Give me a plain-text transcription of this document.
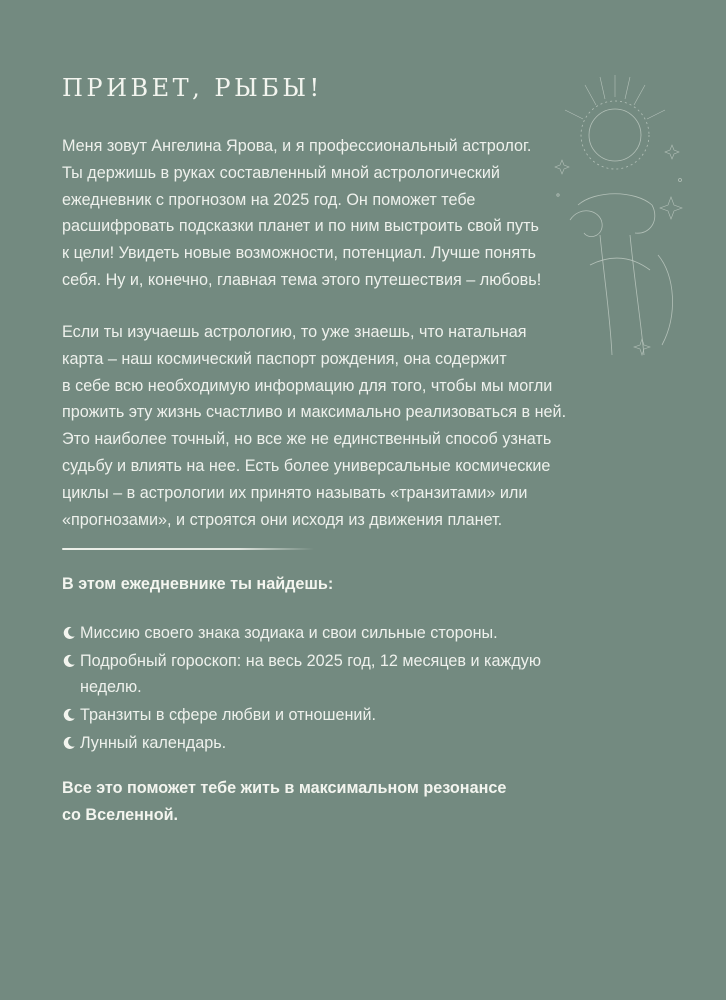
ПРИВЕТ, РЫБЫ!
Меня зовут Ангелина Ярова, и я профессиональный астролог.
Ты держишь в руках составленный мной астрологический
ежедневник с прогнозом на 2025 год. Он поможет тебе
расшифровать подсказки планет и по ним выстроить свой путь
к цели! Увидеть новые возможности, потенциал. Лучше понять
себя. Ну и, конечно, главная тема этого путешествия – любовь!
Если ты изучаешь астрологию, то уже знаешь, что натальная
карта – наш космический паспорт рождения, она содержит
в себе всю необходимую информацию для того, чтобы мы могли
прожить эту жизнь счастливо и максимально реализоваться в ней.
Это наиболее точный, но все же не единственный способ узнать
судьбу и влиять на нее. Есть более универсальные космические
циклы – в астрологии их принято называть «транзитами» или
«прогнозами», и строятся они исходя из движения планет.

В этом ежедневнике ты найдешь:

Миссию своего знака зодиака и свои сильные стороны.
Подробный гороскоп: на весь 2025 год, 12 месяцев и каждую
неделю.
Транзиты в сфере любви и отношений.
Лунный календарь.
Все это поможет тебе жить в максимальном резонансе
со Вселенной.
